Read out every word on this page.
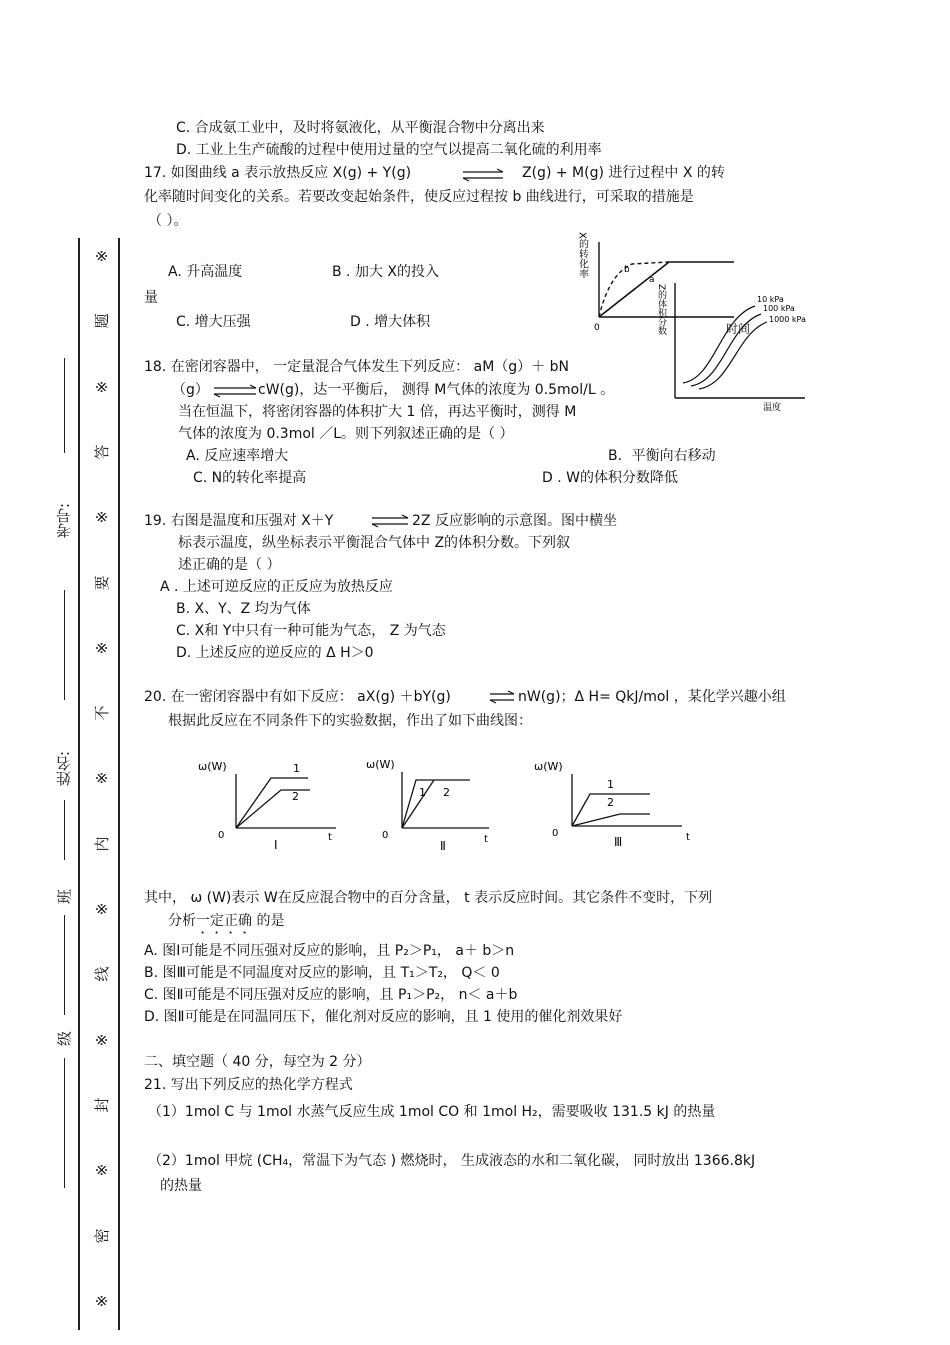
※
题
※
答
※
要
※
不
※
内
※
线
※
封
※
密
※
考号:
姓名:
班
级
C. 合成氨工业中，及时将氨液化，从平衡混合物中分离出来
D. 工业上生产硫酸的过程中使用过量的空气以提高二氧化硫的利用率
17. 如图曲线 a 表示放热反应 X(g) + Y(g)	⇌ Z(g) + M(g) 进行过程中 X 的转
化率随时间变化的关系。若要改变起始条件，使反应过程按 b 曲线进行，可采取的措施是
（ ）。
A. 升高温度	B . 加大 X的投入
量
C. 增大压强	D . 增大体积
X的转化率	b
a
0	Z的体积分数	10 kPa
100 kPa
1000 kPa
温度
时间
18. 在密闭容器中， 一定量混合气体发生下列反应： aM（g）＋ bN
（g） ⇌ cW(g)，达一平衡后， 测得 M气体的浓度为 0.5mol/L 。
当在恒温下，将密闭容器的体积扩大 1 倍，再达平衡时，测得 M
气体的浓度为 0.3mol ／L。则下列叙述正确的是（ ）
A. 反应速率增大	B．平衡向右移动
C. N的转化率提高	D . W的体积分数降低
19. 右图是温度和压强对 X＋Y	⇌ 2Z 反应影响的示意图。图中横坐
标表示温度，纵坐标表示平衡混合气体中 Z的体积分数。下列叙
述正确的是（ ）
A . 上述可逆反应的正反应为放热反应
B. X、Y、Z 均为气体
C. X和 Y中只有一种可能为气态， Z 为气态
D. 上述反应的逆反应的 Δ H＞0
20. 在一密闭容器中有如下反应： aX(g) ＋bY(g)	⇌ nW(g)；Δ H= QkJ/mol ，某化学兴趣小组
根据此反应在不同条件下的实验数据，作出了如下曲线图：
ω(W)	1
2
0	t
Ⅰ
ω(W)
1 2
0	t
Ⅱ
ω(W)
1
2
0	t
Ⅲ
其中， ω (W)表示 W在反应混合物中的百分含量， t 表示反应时间。其它条件不变时，下列
分析一定正确 的是
A. 图Ⅰ可能是不同压强对反应的影响，且 P₂＞P₁， a＋ b＞n
B. 图Ⅲ可能是不同温度对反应的影响，且 T₁＞T₂， Q＜ 0
C. 图Ⅱ可能是不同压强对反应的影响，且 P₁＞P₂， n＜ a＋b
D. 图Ⅱ可能是在同温同压下，催化剂对反应的影响，且 1 使用的催化剂效果好
二、填空题（ 40 分，每空为 2 分）
21. 写出下列反应的热化学方程式
（1）1mol C 与 1mol 水蒸气反应生成 1mol CO 和 1mol H₂，需要吸收 131.5 kJ 的热量
（2）1mol 甲烷 (CH₄，常温下为气态 ) 燃烧时， 生成液态的水和二氧化碳， 同时放出 1366.8kJ
的热量
